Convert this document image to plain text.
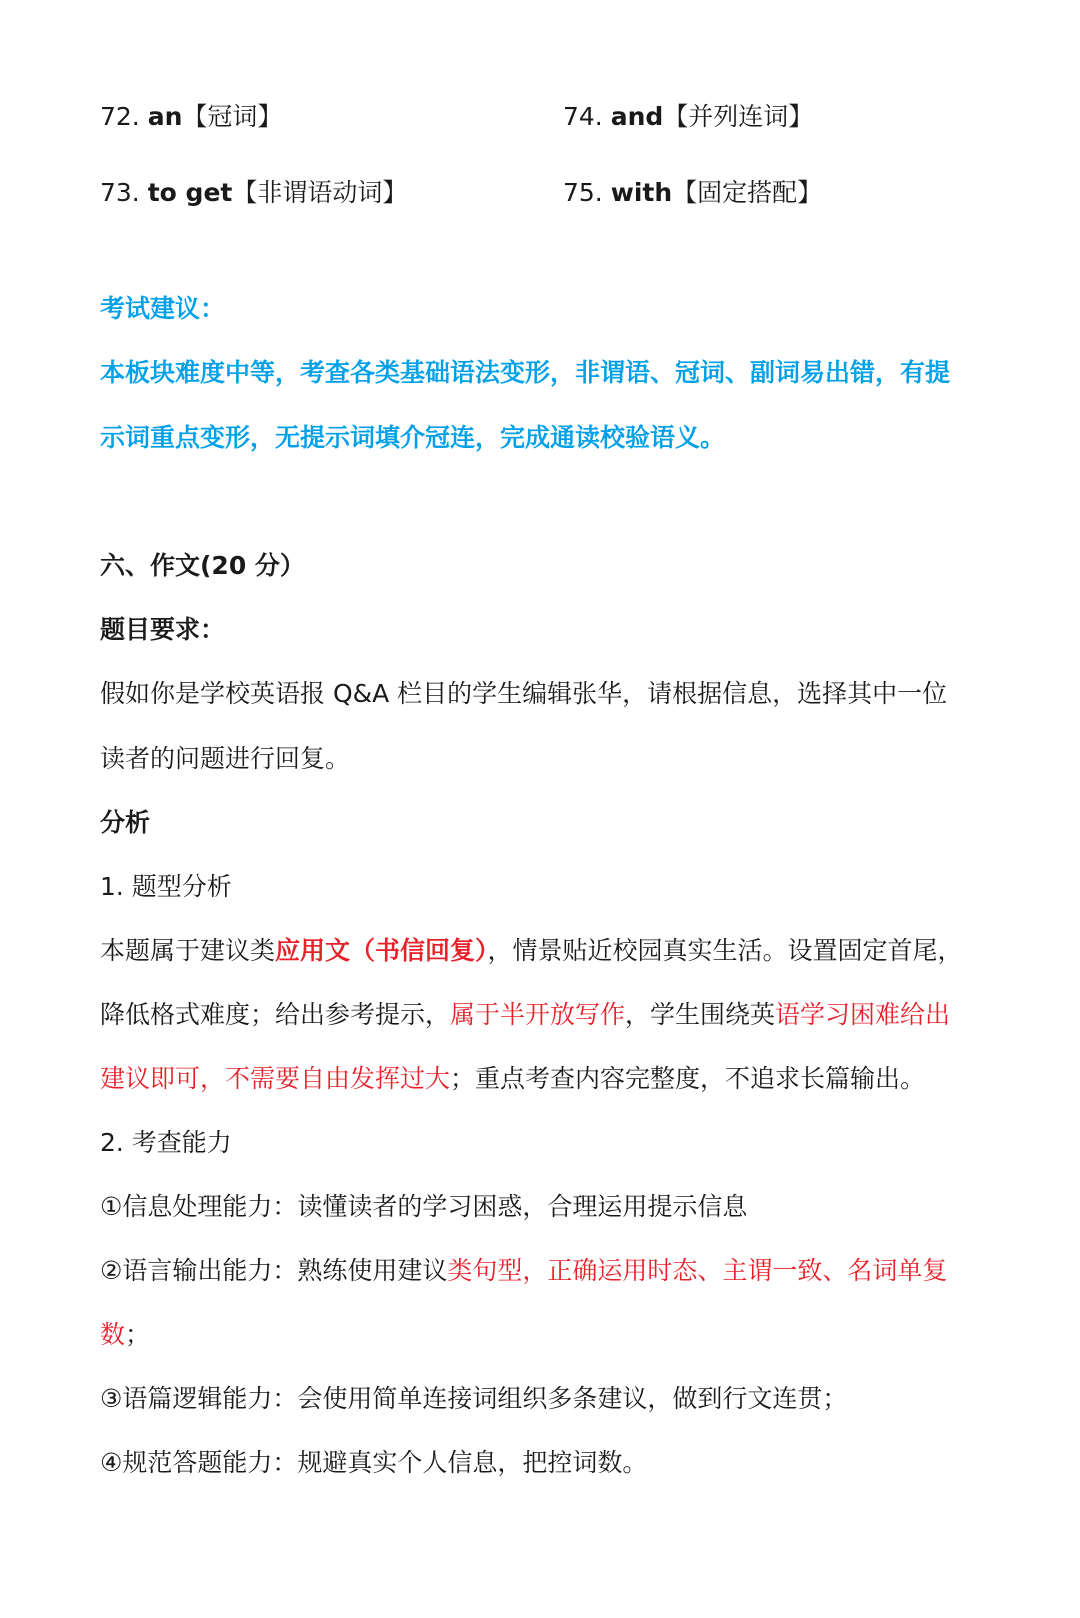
72. an【冠词】	74. and【并列连词】
73. to get【非谓语动词】	75. with【固定搭配】
考试建议：
本板块难度中等，考查各类基础语法变形，非谓语、冠词、副词易出错，有提
示词重点变形，无提示词填介冠连，完成通读校验语义。
六、作文(20 分）
题目要求：
假如你是学校英语报 Q&A 栏目的学生编辑张华，请根据信息，选择其中一位
读者的问题进行回复。
分析
1. 题型分析
本题属于建议类应用文（书信回复），情景贴近校园真实生活。设置固定首尾，
降低格式难度；给出参考提示，属于半开放写作，学生围绕英语学习困难给出
建议即可，不需要自由发挥过大；重点考查内容完整度，不追求长篇输出。
2. 考查能力
①信息处理能力：读懂读者的学习困惑，合理运用提示信息
②语言输出能力：熟练使用建议类句型，正确运用时态、主谓一致、名词单复
数；
③语篇逻辑能力：会使用简单连接词组织多条建议，做到行文连贯；
④规范答题能力：规避真实个人信息，把控词数。
